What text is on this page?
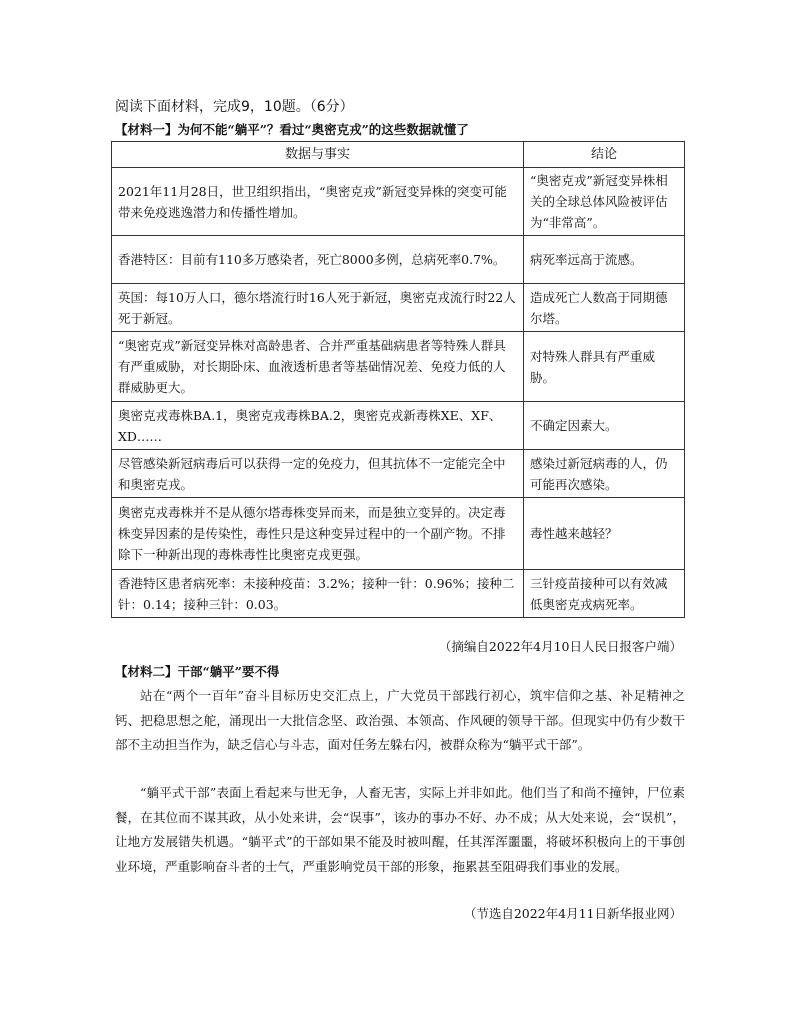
阅读下面材料，完成9，10题。（6分）
【材料一】为何不能“躺平”？看过“奥密克戎”的这些数据就懂了
数据与事实	结论
2021年11月28日，世卫组织指出，“奥密克戎”新冠变异株的突变可能带来免疫逃逸潜力和传播性增加。	“奥密克戎”新冠变异株相关的全球总体风险被评估为“非常高”。
香港特区：目前有110多万感染者，死亡8000多例，总病死率0.7%。	病死率远高于流感。
英国：每10万人口，德尔塔流行时16人死于新冠，奥密克戎流行时22人死于新冠。	造成死亡人数高于同期德尔塔。
“奥密克戎”新冠变异株对高龄患者、合并严重基础病患者等特殊人群具有严重威胁，对长期卧床、血液透析患者等基础情况差、免疫力低的人群威胁更大。	对特殊人群具有严重威胁。
奥密克戎毒株BA.1，奥密克戎毒株BA.2，奥密克戎新毒株XE、XF、XD……	不确定因素大。
尽管感染新冠病毒后可以获得一定的免疫力，但其抗体不一定能完全中和奥密克戎。	感染过新冠病毒的人，仍可能再次感染。
奥密克戎毒株并不是从德尔塔毒株变异而来，而是独立变异的。决定毒株变异因素的是传染性，毒性只是这种变异过程中的一个副产物。不排除下一种新出现的毒株毒性比奥密克戎更强。	毒性越来越轻？
香港特区患者病死率：未接种疫苗：3.2%；接种一针：0.96%；接种二针：0.14；接种三针：0.03。	三针疫苗接种可以有效减低奥密克戎病死率。
（摘编自2022年4月10日人民日报客户端）
【材料二】干部“躺平”要不得

站在“两个一百年”奋斗目标历史交汇点上，广大党员干部践行初心，筑牢信仰之基、补足精神之钙、把稳思想之舵，涌现出一大批信念坚、政治强、本领高、作风硬的领导干部。但现实中仍有少数干部不主动担当作为，缺乏信心与斗志，面对任务左躲右闪，被群众称为“躺平式干部”。

“躺平式干部”表面上看起来与世无争，人畜无害，实际上并非如此。他们当了和尚不撞钟，尸位素餐，在其位而不谋其政，从小处来讲，会“误事”，该办的事办不好、办不成；从大处来说，会“误机”，让地方发展错失机遇。“躺平式”的干部如果不能及时被叫醒，任其浑浑噩噩，将破坏积极向上的干事创业环境，严重影响奋斗者的士气，严重影响党员干部的形象，拖累甚至阻碍我们事业的发展。

（节选自2022年4月11日新华报业网）
